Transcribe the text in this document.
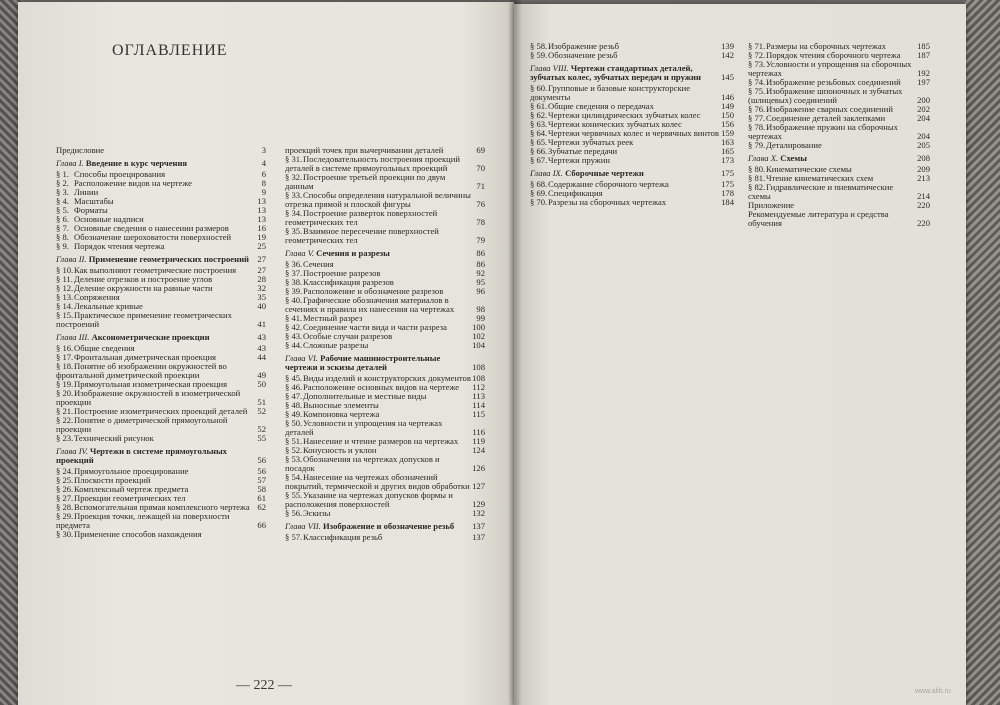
ОГЛАВЛЕНИЕ
Предисловие	3
Глава I. Введение в курс черчения	4
§ 1. Способы проецирования	6
§ 2. Расположение видов на чертеже	8
§ 3. Линии	9
§ 4. Масштабы	13
§ 5. Форматы	13
§ 6. Основные надписи	13
§ 7. Основные сведения о нанесении размеров	16
§ 8. Обозначение шероховатости поверхностей	19
§ 9. Порядок чтения чертежа	25
Глава II. Применение геометрических построений 27
§ 10.Как выполняют геометрические построения 27
§ 11.Деление отрезков и построение углов	28
§ 12.Деление окружности на равные части	32
§ 13.Сопряжения	35
§ 14.Лекальные кривые	40
§ 15.Практическое применение геометрических построений	41
Глава III. Аксонометрические проекции	43
§ 16.Общие сведения	43
§ 17.Фронтальная диметрическая проекция	44
§ 18.Понятие об изображении окружностей во фронтальной диметрической проекции	49
§ 19.Прямоугольная изометрическая проекция	50
§ 20.Изображение окружностей в изометрической проекции	51
§ 21.Построение изометрических проекций деталей 52
§ 22.Понятие о диметрической прямоугольной проекции	52
§ 23.Технический рисунок	55
Глава IV. Чертежи в системе прямоугольных проекций	56
§ 24.Прямоугольное проецирование	56
§ 25.Плоскости проекций	57
§ 26.Комплексный чертеж предмета	58
§ 27.Проекции геометрических тел	61
§ 28.Вспомогательная прямая комплексного чертежа 62
§ 29.Проекция точки, лежащей на поверхности предмета	66
§ 30.Применение способов нахождения
проекций точек при вычерчивании деталей	69
§ 31.Последовательность построения проекций деталей в системе прямоугольных проекций	70
§ 32.Построение третьей проекции по двум данным	71
§ 33.Способы определения натуральной величины отрезка прямой и плоской фигуры	76
§ 34.Построение разверток поверхностей геометрических тел	78
§ 35.Взаимное пересечение поверхностей геометрических тел	79
Глава V. Сечения и разрезы	86
§ 36.Сечения	86
§ 37.Построение разрезов	92
§ 38.Классификация разрезов	95
§ 39.Расположение и обозначение разрезов	96
§ 40.Графические обозначения материалов в сечениях и правила их нанесения на чертежах	98
§ 41.Местный разрез	99
§ 42.Соединение части вида и части разреза	100
§ 43.Особые случаи разрезов	102
§ 44.Сложные разрезы	104
Глава VI. Рабочие машиностроительные чертежи и эскизы деталей	108
§ 45.Виды изделий и конструкторских документов 108
§ 46.Расположение основных видов на чертеже 112
§ 47.Дополнительные и местные виды	113
§ 48.Выносные элементы	114
§ 49.Компоновка чертежа	115
§ 50.Условности и упрощения на чертежах деталей	116
§ 51.Нанесение и чтение размеров на чертежах 119
§ 52.Конусность и уклон	124
§ 53.Обозначения на чертежах допусков и посадок	126
§ 54.Нанесение на чертежах обозначений покрытий, термической и других видов обработки 127
§ 55.Указание на чертежах допусков формы и расположения поверхностей	129
§ 56.Эскизы	132
Глава VII. Изображение и обозначение резьб 137
§ 57.Классификация резьб	137
§ 58.Изображение резьб	139
§ 59.Обозначение резьб	142
Глава VIII. Чертежи стандартных деталей, зубчатых колес, зубчатых передач и пружин 145
§ 60.Групповые и базовые конструкторские документы	146
§ 61.Общие сведения о передачах	149
§ 62.Чертежи цилиндрических зубчатых колес 150
§ 63.Чертежи конических зубчатых колес	156
§ 64.Чертежи червячных колес и червячных винтов 159
§ 65.Чертежи зубчатых реек	163
§ 66.Зубчатые передачи	165
§ 67.Чертежи пружин	173
Глава IX. Сборочные чертежи	175
§ 68.Содержание сборочного чертежа	175
§ 69.Спецификация	178
§ 70.Разрезы на сборочных чертежах	184
§ 71.Размеры на сборочных чертежах	185
§ 72.Порядок чтения сборочного чертежа 187
§ 73.Условности и упрощения на сборочных чертежах	192
§ 74.Изображение резьбовых соединений 197
§ 75.Изображение шпоночных и зубчатых (шлицевых) соединений	200
§ 76.Изображение сварных соединений	202
§ 77.Соединение деталей заклепками	204
§ 78.Изображение пружин на сборочных чертежах	204
§ 79.Деталирование	205
Глава X. Схемы	208
§ 80.Кинематические схемы	209
§ 81.Чтение кинематических схем	213
§ 82.Гидравлические и пневматические схемы	214
Приложение	220
Рекомендуемые литература и средства обучения	220
— 222 —	www.alib.ru
